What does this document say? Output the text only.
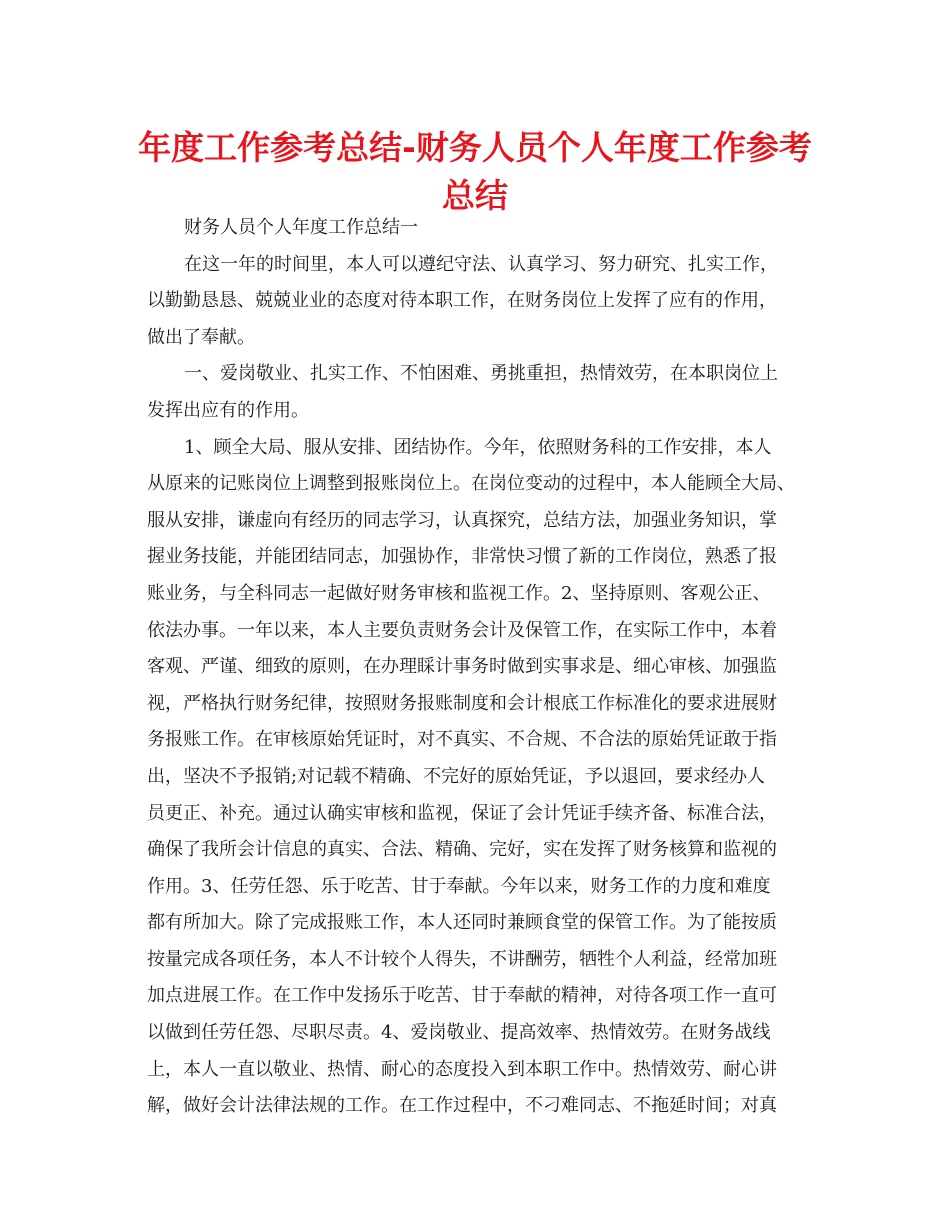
年度工作参考总结-财务人员个人年度工作参考
总结
财务人员个人年度工作总结一
在这一年的时间里，本人可以遵纪守法、认真学习、努力研究、扎实工作，
以勤勤恳恳、兢兢业业的态度对待本职工作，在财务岗位上发挥了应有的作用，
做出了奉献。
一、爱岗敬业、扎实工作、不怕困难、勇挑重担，热情效劳，在本职岗位上
发挥出应有的作用。
1、顾全大局、服从安排、团结协作。今年，依照财务科的工作安排，本人
从原来的记账岗位上调整到报账岗位上。在岗位变动的过程中，本人能顾全大局、
服从安排，谦虚向有经历的同志学习，认真探究，总结方法，加强业务知识，掌
握业务技能，并能团结同志，加强协作，非常快习惯了新的工作岗位，熟悉了报
账业务，与全科同志一起做好财务审核和监视工作。2、坚持原则、客观公正、
依法办事。一年以来，本人主要负责财务会计及保管工作，在实际工作中，本着
客观、严谨、细致的原则，在办理睬计事务时做到实事求是、细心审核、加强监
视，严格执行财务纪律，按照财务报账制度和会计根底工作标准化的要求进展财
务报账工作。在审核原始凭证时，对不真实、不合规、不合法的原始凭证敢于指
出，坚决不予报销;对记载不精确、不完好的原始凭证，予以退回，要求经办人
员更正、补充。通过认确实审核和监视，保证了会计凭证手续齐备、标准合法，
确保了我所会计信息的真实、合法、精确、完好，实在发挥了财务核算和监视的
作用。3、任劳任怨、乐于吃苦、甘于奉献。今年以来，财务工作的力度和难度
都有所加大。除了完成报账工作，本人还同时兼顾食堂的保管工作。为了能按质
按量完成各项任务，本人不计较个人得失，不讲酬劳，牺牲个人利益，经常加班
加点进展工作。在工作中发扬乐于吃苦、甘于奉献的精神，对待各项工作一直可
以做到任劳任怨、尽职尽责。4、爱岗敬业、提高效率、热情效劳。在财务战线
上，本人一直以敬业、热情、耐心的态度投入到本职工作中。热情效劳、耐心讲
解，做好会计法律法规的工作。在工作过程中，不刁难同志、不拖延时间；对真
